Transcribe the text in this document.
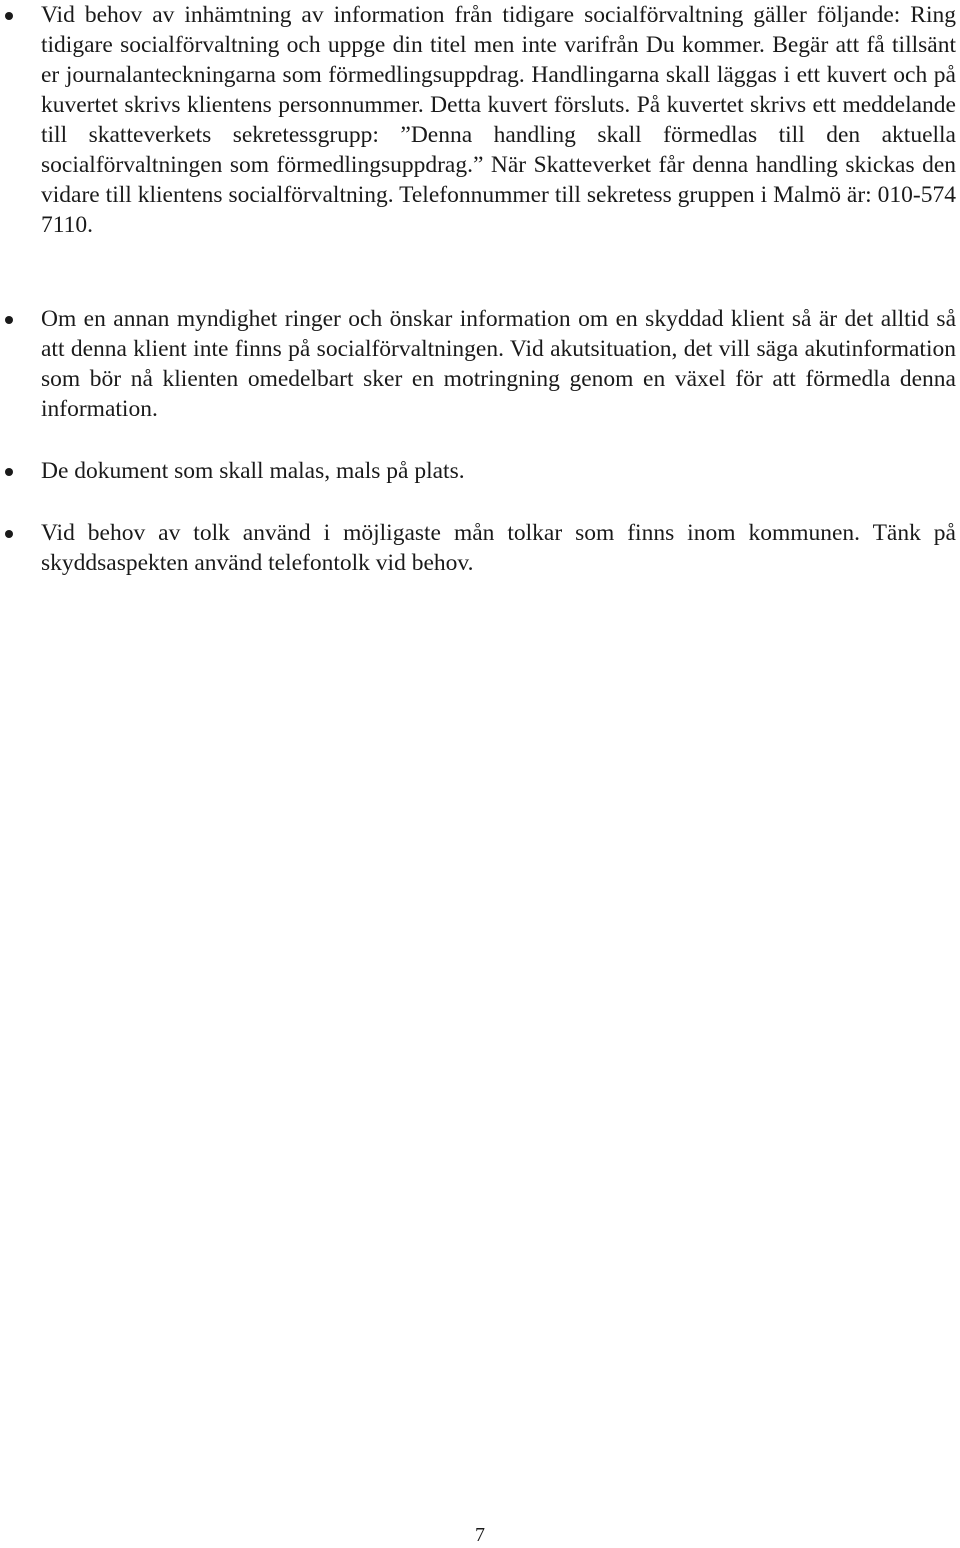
Vid behov av inhämtning av information från tidigare socialförvaltning gäller följande: Ring tidigare socialförvaltning och uppge din titel men inte varifrån Du kommer. Begär att få tillsänt er journalanteckningarna som förmedlingsuppdrag. Handlingarna skall läggas i ett kuvert och på kuvertet skrivs klientens personnummer. Detta kuvert försluts. På kuvertet skrivs ett meddelande till skatteverkets sekretessgrupp: ”Denna handling skall förmedlas till den aktuella socialförvaltningen som förmedlingsuppdrag.” När Skatteverket får denna handling skickas den vidare till klientens socialförvaltning. Telefonnummer till sekretess gruppen i Malmö är: 010-574 7110.

Om en annan myndighet ringer och önskar information om en skyddad klient så är det alltid så att denna klient inte finns på socialförvaltningen. Vid akutsituation, det vill säga akutinformation som bör nå klienten omedelbart sker en motringning genom en växel för att förmedla denna information.

De dokument som skall malas, mals på plats.

Vid behov av tolk använd i möjligaste mån tolkar som finns inom kommunen. Tänk på skyddsaspekten använd telefontolk vid behov.

7
